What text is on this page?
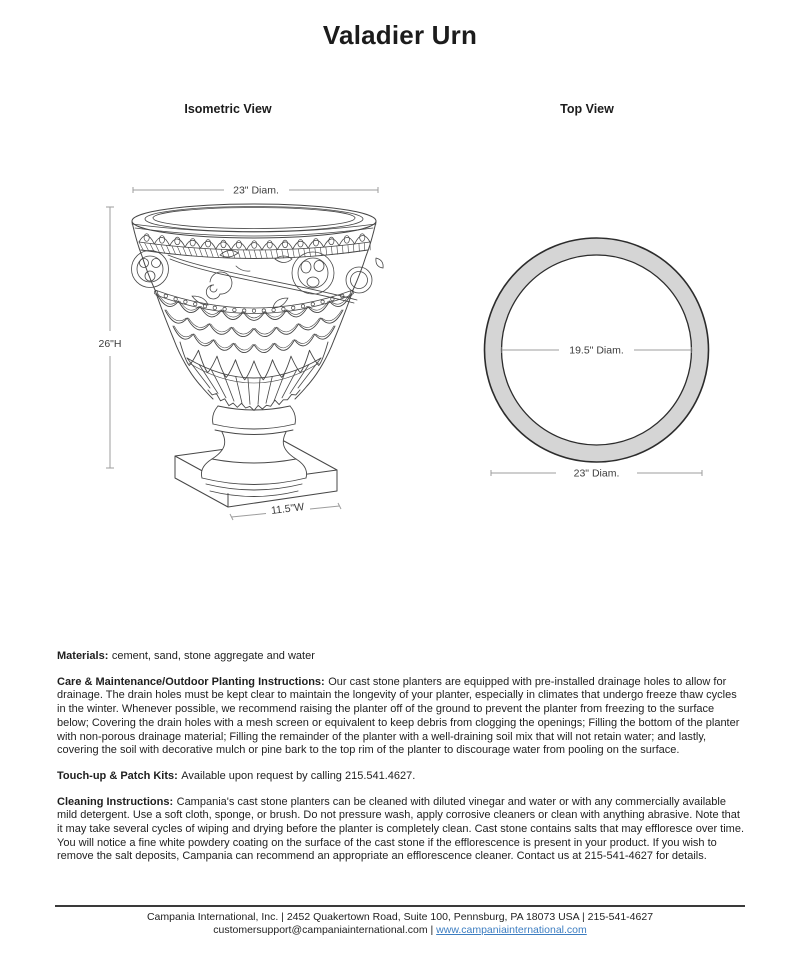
Valadier Urn
Isometric View	Top View
23" Diam.
26"H
11.5"W
19.5" Diam.
23" Diam.

Materials: cement, sand, stone aggregate and water

Care & Maintenance/Outdoor Planting Instructions: Our cast stone planters are equipped with pre-installed drainage holes to allow for drainage. The drain holes must be kept clear to maintain the longevity of your planter, especially in climates that undergo freeze thaw cycles in the winter. Whenever possible, we recommend raising the planter off of the ground to prevent the planter from freezing to the surface below; Covering the drain holes with a mesh screen or equivalent to keep debris from clogging the openings; Filling the bottom of the planter with non-porous drainage material; Filling the remainder of the planter with a well-draining soil mix that will not retain water; and lastly, covering the soil with decorative mulch or pine bark to the top rim of the planter to discourage water from pooling on the surface.

Touch-up & Patch Kits: Available upon request by calling 215.541.4627.

Cleaning Instructions: Campania's cast stone planters can be cleaned with diluted vinegar and water or with any commercially available mild detergent. Use a soft cloth, sponge, or brush. Do not pressure wash, apply corrosive cleaners or clean with anything abrasive. Note that it may take several cycles of wiping and drying before the planter is completely clean. Cast stone contains salts that may effloresce over time. You will notice a fine white powdery coating on the surface of the cast stone if the efflorescence is present in your product. If you wish to remove the salt deposits, Campania can recommend an appropriate an efflorescence cleaner. Contact us at 215-541-4627 for details.

Campania International, Inc. | 2452 Quakertown Road, Suite 100, Pennsburg, PA 18073 USA | 215-541-4627
customersupport@campaniainternational.com | www.campaniainternational.com
